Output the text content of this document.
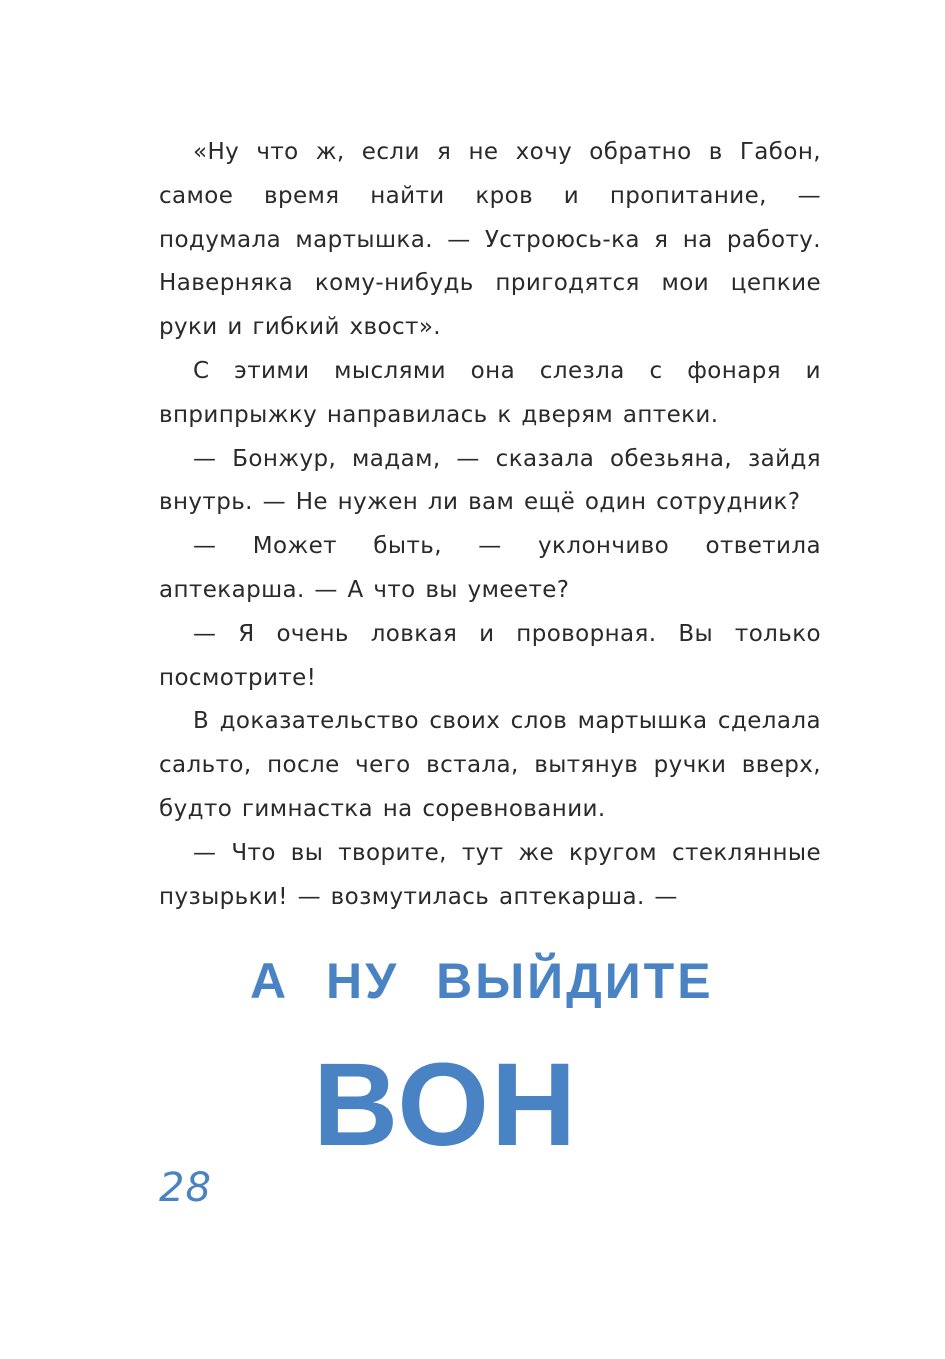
«Ну что ж, если я не хочу обратно в Габон, самое время найти кров и пропитание, — подумала мартышка. — Устроюсь-ка я на работу. Наверняка кому-нибудь пригодятся мои цепкие руки и гибкий хвост».

С этими мыслями она слезла с фонаря и вприпрыжку направилась к дверям аптеки.

— Бонжур, мадам, — сказала обезьяна, зайдя внутрь. — Не нужен ли вам ещё один сотрудник?

— Может быть, — уклончиво ответила аптекарша. — А что вы умеете?

— Я очень ловкая и проворная. Вы только посмотрите!

В доказательство своих слов мартышка сделала сальто, после чего встала, вытянув ручки вверх, будто гимнастка на соревновании.

— Что вы творите, тут же кругом стеклянные пузырьки! — возмутилась аптекарша. —

А НУ ВЫЙДИТЕ
ВОН
28
